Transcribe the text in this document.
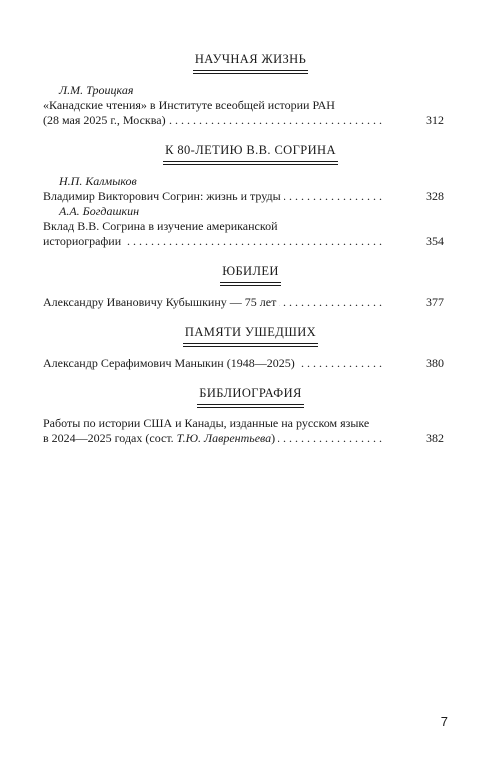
НАУЧНАЯ ЖИЗНЬ
Л.М. Троицкая
«Канадские чтения» в Институте всеобщей истории РАН
(28 мая 2025 г., Москва) . . .	312
К 80-ЛЕТИЮ В.В. СОГРИНА
Н.П. Калмыков
Владимир Викторович Согрин: жизнь и труды . . .	328
А.А. Богдашкин
Вклад В.В. Согрина в изучение американской
историографии . . .	354
ЮБИЛЕИ
Александру Ивановичу Кубышкину — 75 лет . . .	377
ПАМЯТИ УШЕДШИХ
Александр Серафимович Маныкин (1948—2025) . . .	380
БИБЛИОГРАФИЯ
Работы по истории США и Канады, изданные на русском языке
в 2024—2025 годах (сост. Т.Ю. Лаврентьева) . . .	382
7
